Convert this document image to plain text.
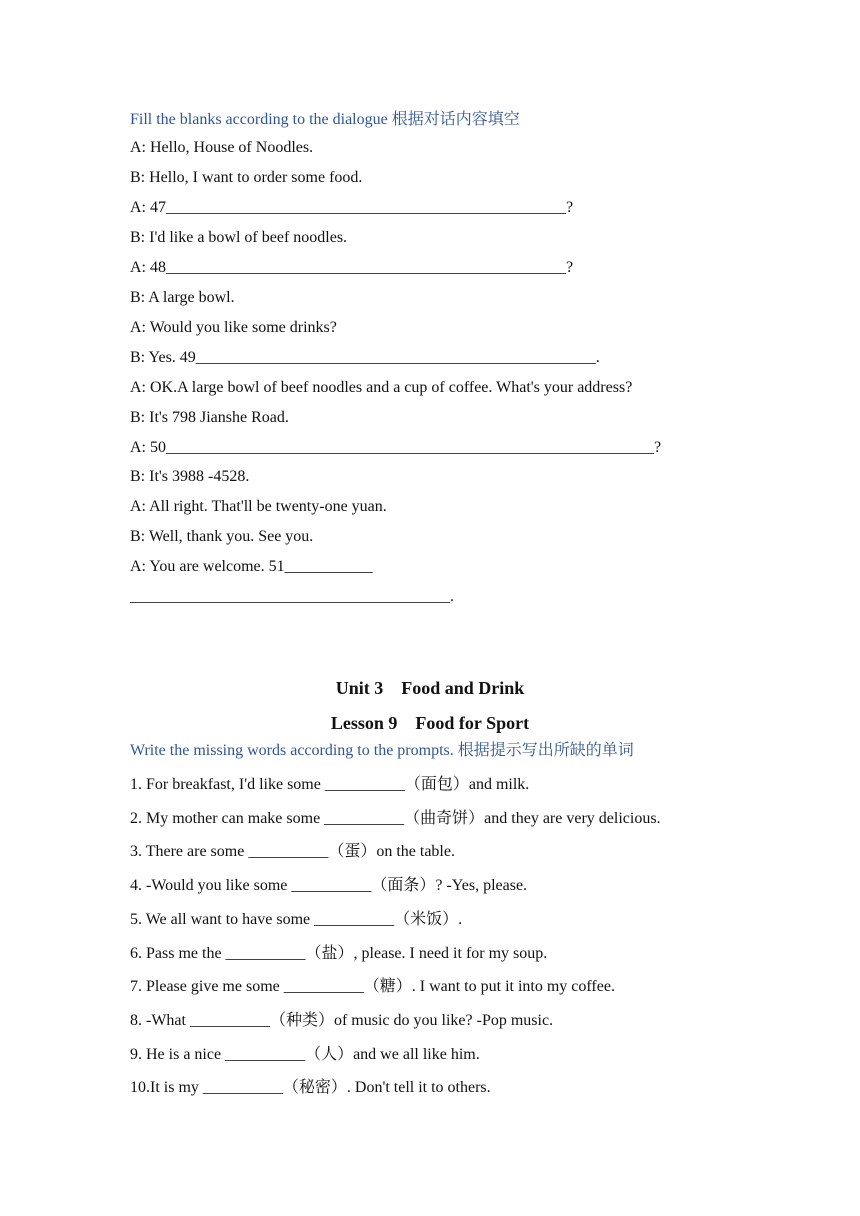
Fill the blanks according to the dialogue 根据对话内容填空
A: Hello, House of Noodles.
B: Hello, I want to order some food.
A: 47__________________________________________________?
B: I'd like a bowl of beef noodles.
A: 48__________________________________________________?
B: A large bowl.
A: Would you like some drinks?
B: Yes. 49__________________________________________________.
A: OK.A large bowl of beef noodles and a cup of coffee. What's your address?
B: It's 798 Jianshe Road.
A: 50_____________________________________________________________?
B: It's 3988 -4528.
A: All right. That'll be twenty-one yuan.
B: Well, thank you. See you.
A: You are welcome. 51___________
________________________________________.
Unit 3    Food and Drink
Lesson 9    Food for Sport
Write the missing words according to the prompts. 根据提示写出所缺的单词
1. For breakfast, I'd like some __________（面包）and milk.
2. My mother can make some __________（曲奇饼）and they are very delicious.
3. There are some __________（蛋）on the table.
4. -Would you like some __________（面条）? -Yes, please.
5. We all want to have some __________（米饭）.
6. Pass me the __________（盐）, please. I need it for my soup.
7. Please give me some __________（糖）. I want to put it into my coffee.
8. -What __________（种类）of music do you like? -Pop music.
9. He is a nice __________（人）and we all like him.
10.It is my __________（秘密）. Don't tell it to others.
